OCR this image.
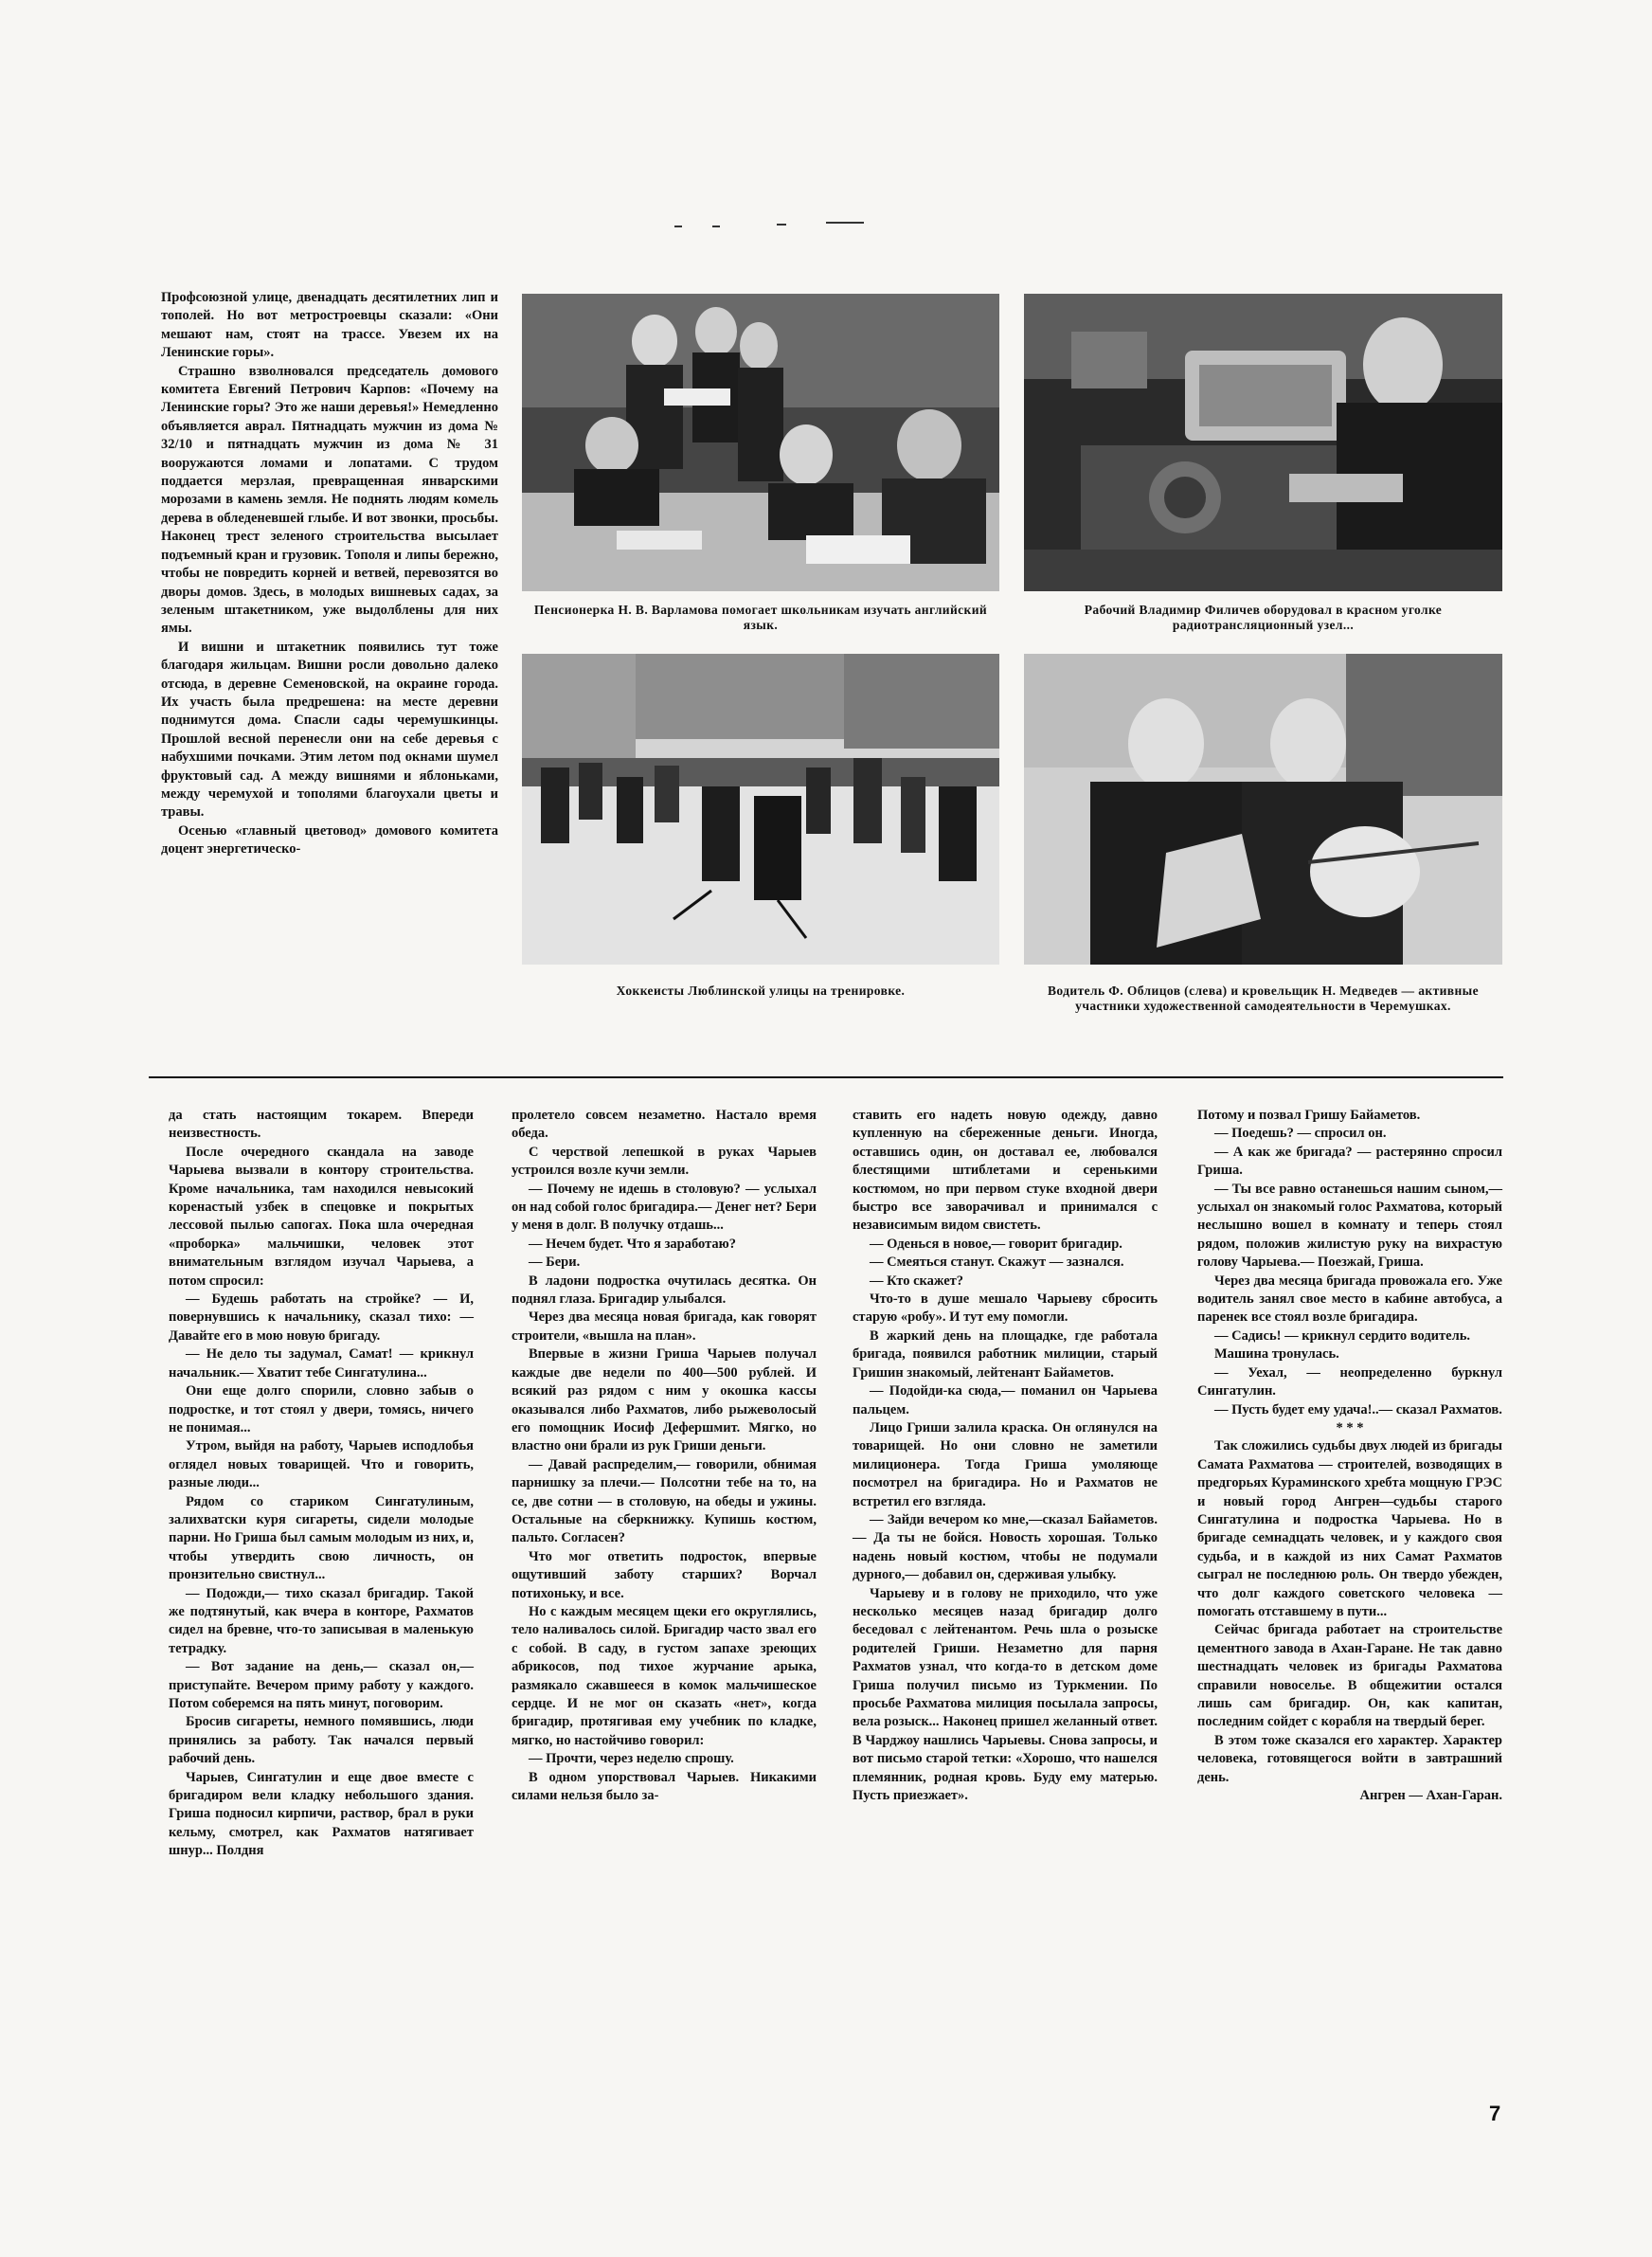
Профсоюзной улице, двенадцать десятилетних лип и тополей. Но вот метростроевцы сказали: «Они мешают нам, стоят на трассе. Увезем их на Ленинские горы».

Страшно взволновался председатель домового комитета Евгений Петрович Карпов: «Почему на Ленинские горы? Это же наши деревья!» Немедленно объявляется аврал. Пятнадцать мужчин из дома № 32/10 и пятнадцать мужчин из дома № 31 вооружаются ломами и лопатами. С трудом поддается мерзлая, превращенная январскими морозами в камень земля. Не поднять людям комель дерева в обледеневшей глыбе. И вот звонки, просьбы. Наконец трест зеленого строительства высылает подъемный кран и грузовик. Тополя и липы бережно, чтобы не повредить корней и ветвей, перевозятся во дворы домов. Здесь, в молодых вишневых садах, за зеленым штакетником, уже выдолблены для них ямы.

И вишни и штакетник появились тут тоже благодаря жильцам. Вишни росли довольно далеко отсюда, в деревне Семеновской, на окраине города. Их участь была предрешена: на месте деревни поднимутся дома. Спасли сады черемушкинцы. Прошлой весной перенесли они на себе деревья с набухшими почками. Этим летом под окнами шумел фруктовый сад. А между вишнями и яблоньками, между черемухой и тополями благоухали цветы и травы.

Осенью «главный цветовод» домового комитета доцент энергетическо-

Пенсионерка Н. В. Варламова помогает школьникам изучать английский язык.
Рабочий Владимир Филичев оборудовал в красном уголке радиотрансляционный узел...
Хоккеисты Люблинской улицы на тренировке.	Водитель Ф. Облицов (слева) и кровельщик Н. Медведев — активные участники художественной самодеятельности в Черемушках.

да стать настоящим токарем. Впереди неизвестность.

После очередного скандала на заводе Чарыева вызвали в контору строительства. Кроме начальника, там находился невысокий коренастый узбек в спецовке и покрытых лессовой пылью сапогах. Пока шла очередная «проборка» мальчишки, человек этот внимательным взглядом изучал Чарыева, а потом спросил:

— Будешь работать на стройке? — И, повернувшись к начальнику, сказал тихо: — Давайте его в мою новую бригаду.

— Не дело ты задумал, Самат! — крикнул начальник.— Хватит тебе Сингатулина...

Они еще долго спорили, словно забыв о подростке, и тот стоял у двери, томясь, ничего не понимая...

Утром, выйдя на работу, Чарыев исподлобья оглядел новых товарищей. Что и говорить, разные люди...

Рядом со стариком Сингатулиным, залихватски куря сигареты, сидели молодые парни. Но Гриша был самым молодым из них, и, чтобы утвердить свою личность, он пронзительно свистнул...

— Подожди,— тихо сказал бригадир. Такой же подтянутый, как вчера в конторе, Рахматов сидел на бревне, что-то записывая в маленькую тетрадку.

— Вот задание на день,— сказал он,— приступайте. Вечером приму работу у каждого. Потом соберемся на пять минут, поговорим.

Бросив сигареты, немного помявшись, люди принялись за работу. Так начался первый рабочий день.

Чарыев, Сингатулин и еще двое вместе с бригадиром вели кладку небольшого здания. Гриша подносил кирпичи, раствор, брал в руки кельму, смотрел, как Рахматов натягивает шнур... Полдня

пролетело совсем незаметно. Настало время обеда.

С черствой лепешкой в руках Чарыев устроился возле кучи земли.

— Почему не идешь в столовую? — услыхал он над собой голос бригадира.— Денег нет? Бери у меня в долг. В получку отдашь...

— Нечем будет. Что я заработаю?

— Бери.

В ладони подростка очутилась десятка. Он поднял глаза. Бригадир улыбался.

Через два месяца новая бригада, как говорят строители, «вышла на план».

Впервые в жизни Гриша Чарыев получал каждые две недели по 400—500 рублей. И всякий раз рядом с ним у окошка кассы оказывался либо Рахматов, либо рыжеволосый его помощник Иосиф Дефершмит. Мягко, но властно они брали из рук Гриши деньги.

— Давай распределим,— говорили, обнимая парнишку за плечи.— Полсотни тебе на то, на се, две сотни — в столовую, на обеды и ужины. Остальные на сберкнижку. Купишь костюм, пальто. Согласен?

Что мог ответить подросток, впервые ощутивший заботу старших? Ворчал потихоньку, и все.

Но с каждым месяцем щеки его округлялись, тело наливалось силой. Бригадир часто звал его с собой. В саду, в густом запахе зреющих абрикосов, под тихое журчание арыка, размякало сжавшееся в комок мальчишеское сердце. И не мог он сказать «нет», когда бригадир, протягивая ему учебник по кладке, мягко, но настойчиво говорил:

— Прочти, через неделю спрошу.

В одном упорствовал Чарыев. Никакими силами нельзя было за-

ставить его надеть новую одежду, давно купленную на сбереженные деньги. Иногда, оставшись один, он доставал ее, любовался блестящими штиблетами и серенькими костюмом, но при первом стуке входной двери быстро все заворачивал и принимался с независимым видом свистеть.

— Оденься в новое,— говорит бригадир.

— Смеяться станут. Скажут — зазнался.

— Кто скажет?

Что-то в душе мешало Чарыеву сбросить старую «робу». И тут ему помогли.

В жаркий день на площадке, где работала бригада, появился работник милиции, старый Гришин знакомый, лейтенант Байаметов.

— Подойди-ка сюда,— поманил он Чарыева пальцем.

Лицо Гриши залила краска. Он оглянулся на товарищей. Но они словно не заметили милиционера. Тогда Гриша умоляюще посмотрел на бригадира. Но и Рахматов не встретил его взгляда.

— Зайди вечером ко мне,—сказал Байаметов.— Да ты не бойся. Новость хорошая. Только надень новый костюм, чтобы не подумали дурного,— добавил он, сдерживая улыбку.

Чарыеву и в голову не приходило, что уже несколько месяцев назад бригадир долго беседовал с лейтенантом. Речь шла о розыске родителей Гриши. Незаметно для парня Рахматов узнал, что когда-то в детском доме Гриша получил письмо из Туркмении. По просьбе Рахматова милиция посылала запросы, вела розыск... Наконец пришел желанный ответ. В Чарджоу нашлись Чарыевы. Снова запросы, и вот письмо старой тетки: «Хорошо, что нашелся племянник, родная кровь. Буду ему матерью. Пусть приезжает».

Потому и позвал Гришу Байаметов.

— Поедешь? — спросил он.

— А как же бригада? — растерянно спросил Гриша.

— Ты все равно останешься нашим сыном,— услыхал он знакомый голос Рахматова, который неслышно вошел в комнату и теперь стоял рядом, положив жилистую руку на вихрастую голову Чарыева.— Поезжай, Гриша.

Через два месяца бригада провожала его. Уже водитель занял свое место в кабине автобуса, а паренек все стоял возле бригадира.

— Садись! — крикнул сердито водитель.

Машина тронулась.

— Уехал, — неопределенно буркнул Сингатулин.

— Пусть будет ему удача!..— сказал Рахматов.

* * *

Так сложились судьбы двух людей из бригады Самата Рахматова — строителей, возводящих в предгорьях Кураминского хребта мощную ГРЭС и новый город Ангрен—судьбы старого Сингатулина и подростка Чарыева. Но в бригаде семнадцать человек, и у каждого своя судьба, и в каждой из них Самат Рахматов сыграл не последнюю роль. Он твердо убежден, что долг каждого советского человека — помогать отставшему в пути...

Сейчас бригада работает на строительстве цементного завода в Ахан-Гаране. Не так давно шестнадцать человек из бригады Рахматова справили новоселье. В общежитии остался лишь сам бригадир. Он, как капитан, последним сойдет с корабля на твердый берег.

В этом тоже сказался его характер. Характер человека, готовящегося войти в завтрашний день.

Ангрен — Ахан-Гаран.

7
